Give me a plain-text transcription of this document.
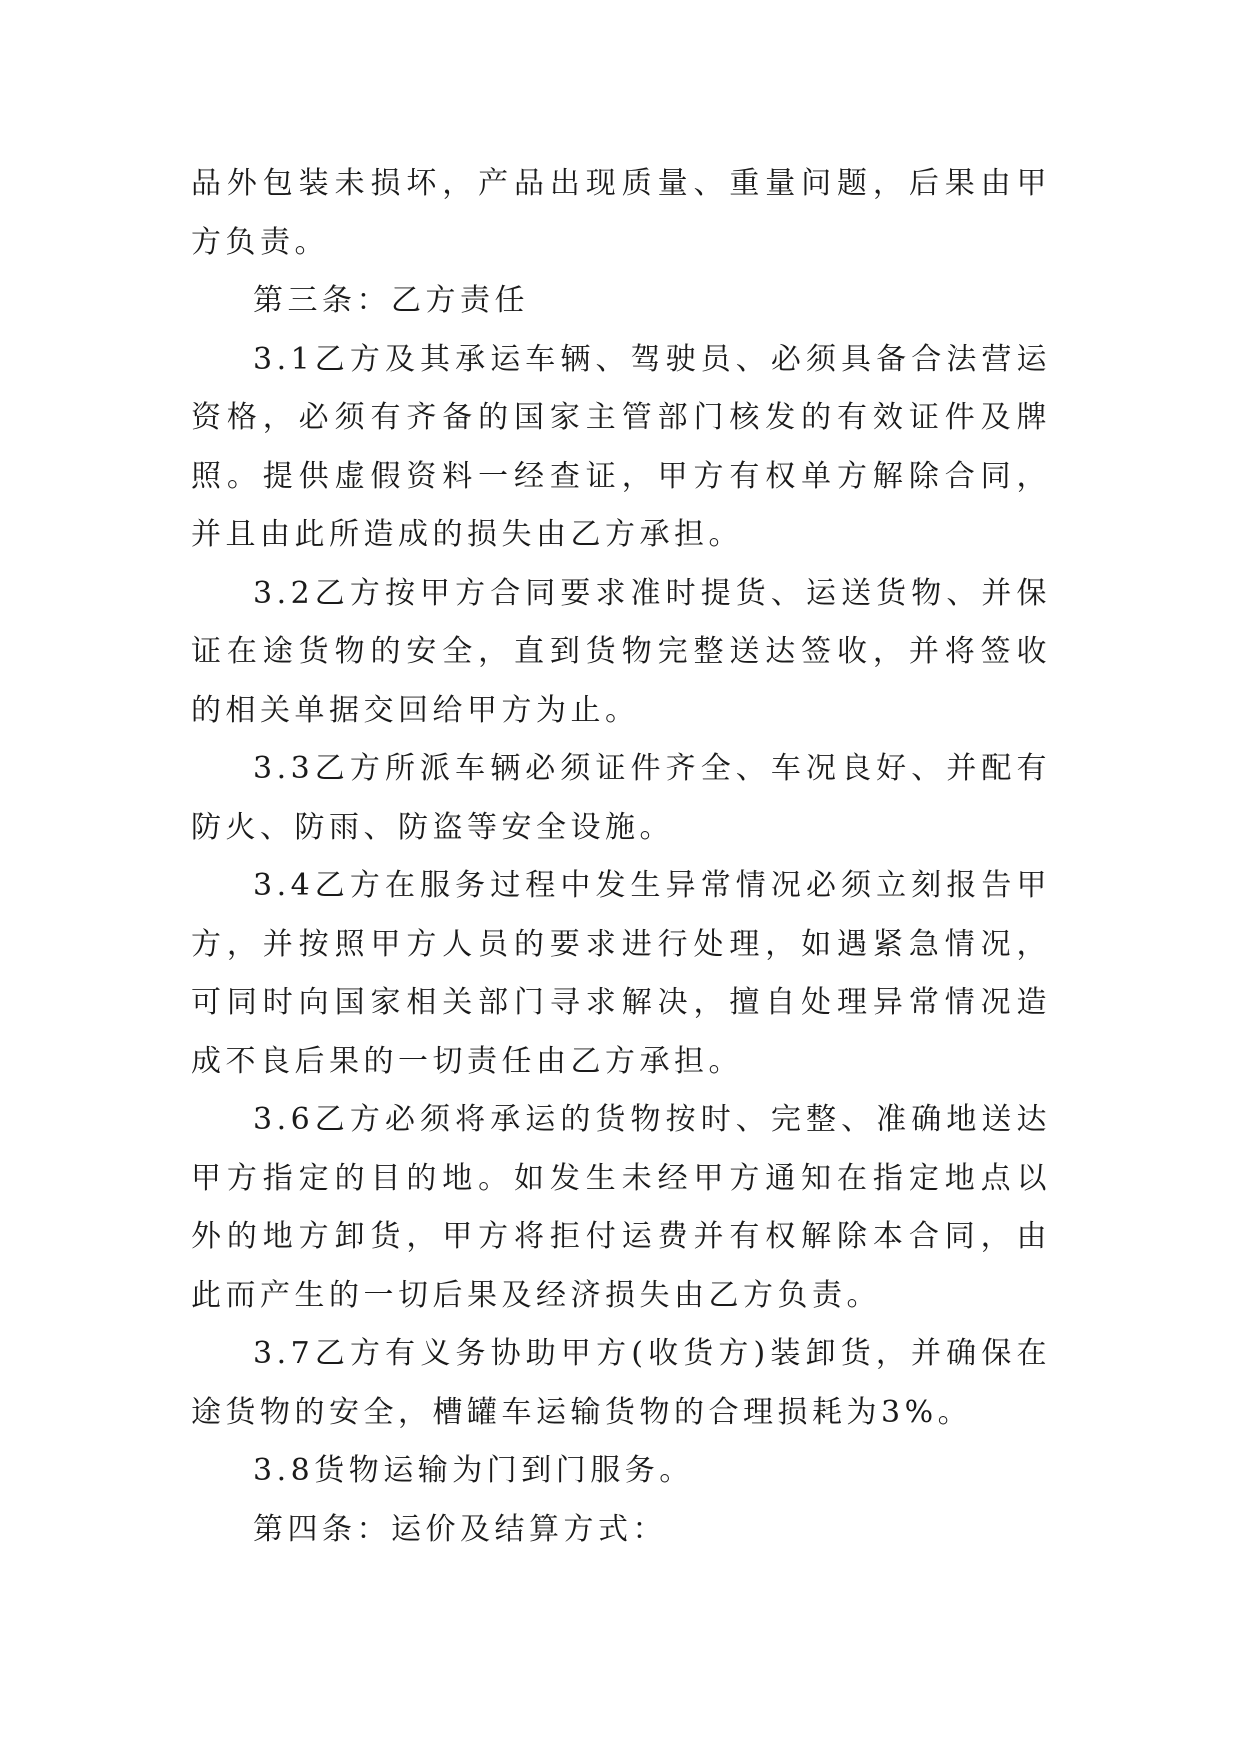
品外包装未损坏，产品出现质量、重量问题，后果由甲方负责。

第三条：乙方责任

3.1乙方及其承运车辆、驾驶员、必须具备合法营运资格，必须有齐备的国家主管部门核发的有效证件及牌照。提供虚假资料一经查证，甲方有权单方解除合同，并且由此所造成的损失由乙方承担。

3.2乙方按甲方合同要求准时提货、运送货物、并保证在途货物的安全，直到货物完整送达签收，并将签收的相关单据交回给甲方为止。

3.3乙方所派车辆必须证件齐全、车况良好、并配有防火、防雨、防盗等安全设施。

3.4乙方在服务过程中发生异常情况必须立刻报告甲方，并按照甲方人员的要求进行处理，如遇紧急情况，可同时向国家相关部门寻求解决，擅自处理异常情况造成不良后果的一切责任由乙方承担。

3.6乙方必须将承运的货物按时、完整、准确地送达甲方指定的目的地。如发生未经甲方通知在指定地点以外的地方卸货，甲方将拒付运费并有权解除本合同，由此而产生的一切后果及经济损失由乙方负责。

3.7乙方有义务协助甲方(收货方)装卸货，并确保在途货物的安全，槽罐车运输货物的合理损耗为3%。

3.8货物运输为门到门服务。

第四条：运价及结算方式：
